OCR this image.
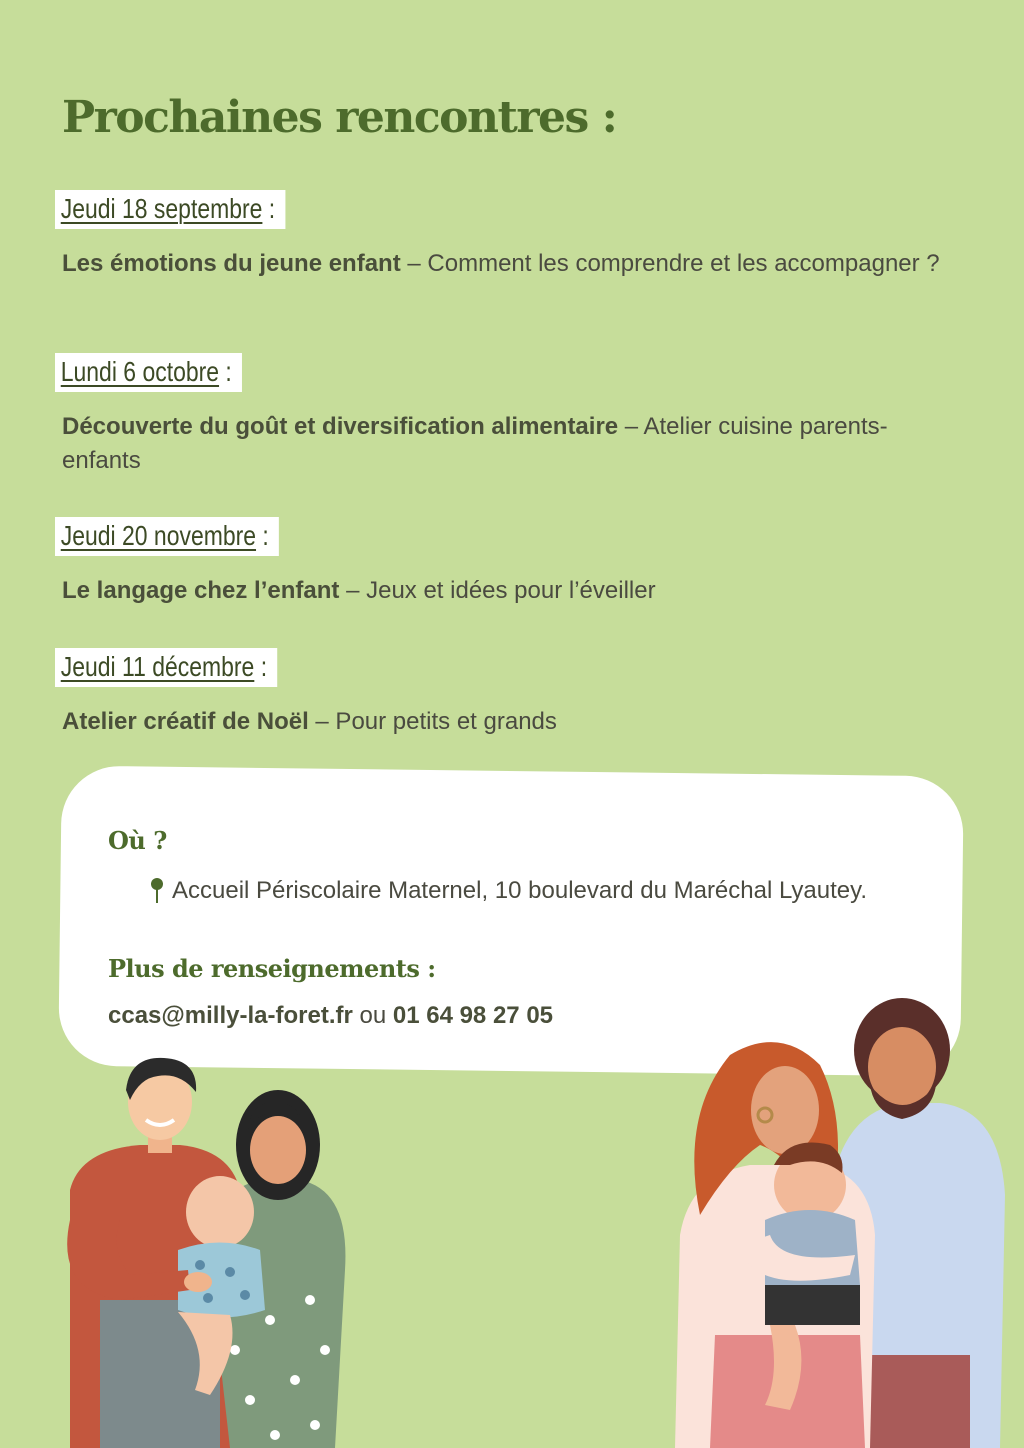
Prochaines rencontres :
Jeudi 18 septembre :
Les émotions du jeune enfant – Comment les comprendre et les accompagner ?
Lundi 6 octobre :
Découverte du goût et diversification alimentaire – Atelier cuisine parents-enfants
Jeudi 20 novembre :
Le langage chez l’enfant – Jeux et idées pour l’éveiller
Jeudi 11 décembre :
Atelier créatif de Noël – Pour petits et grands
Où ?
Accueil Périscolaire Maternel, 10 boulevard du Maréchal Lyautey.
Plus de renseignements :
ccas@milly-la-foret.fr ou 01 64 98 27 05
